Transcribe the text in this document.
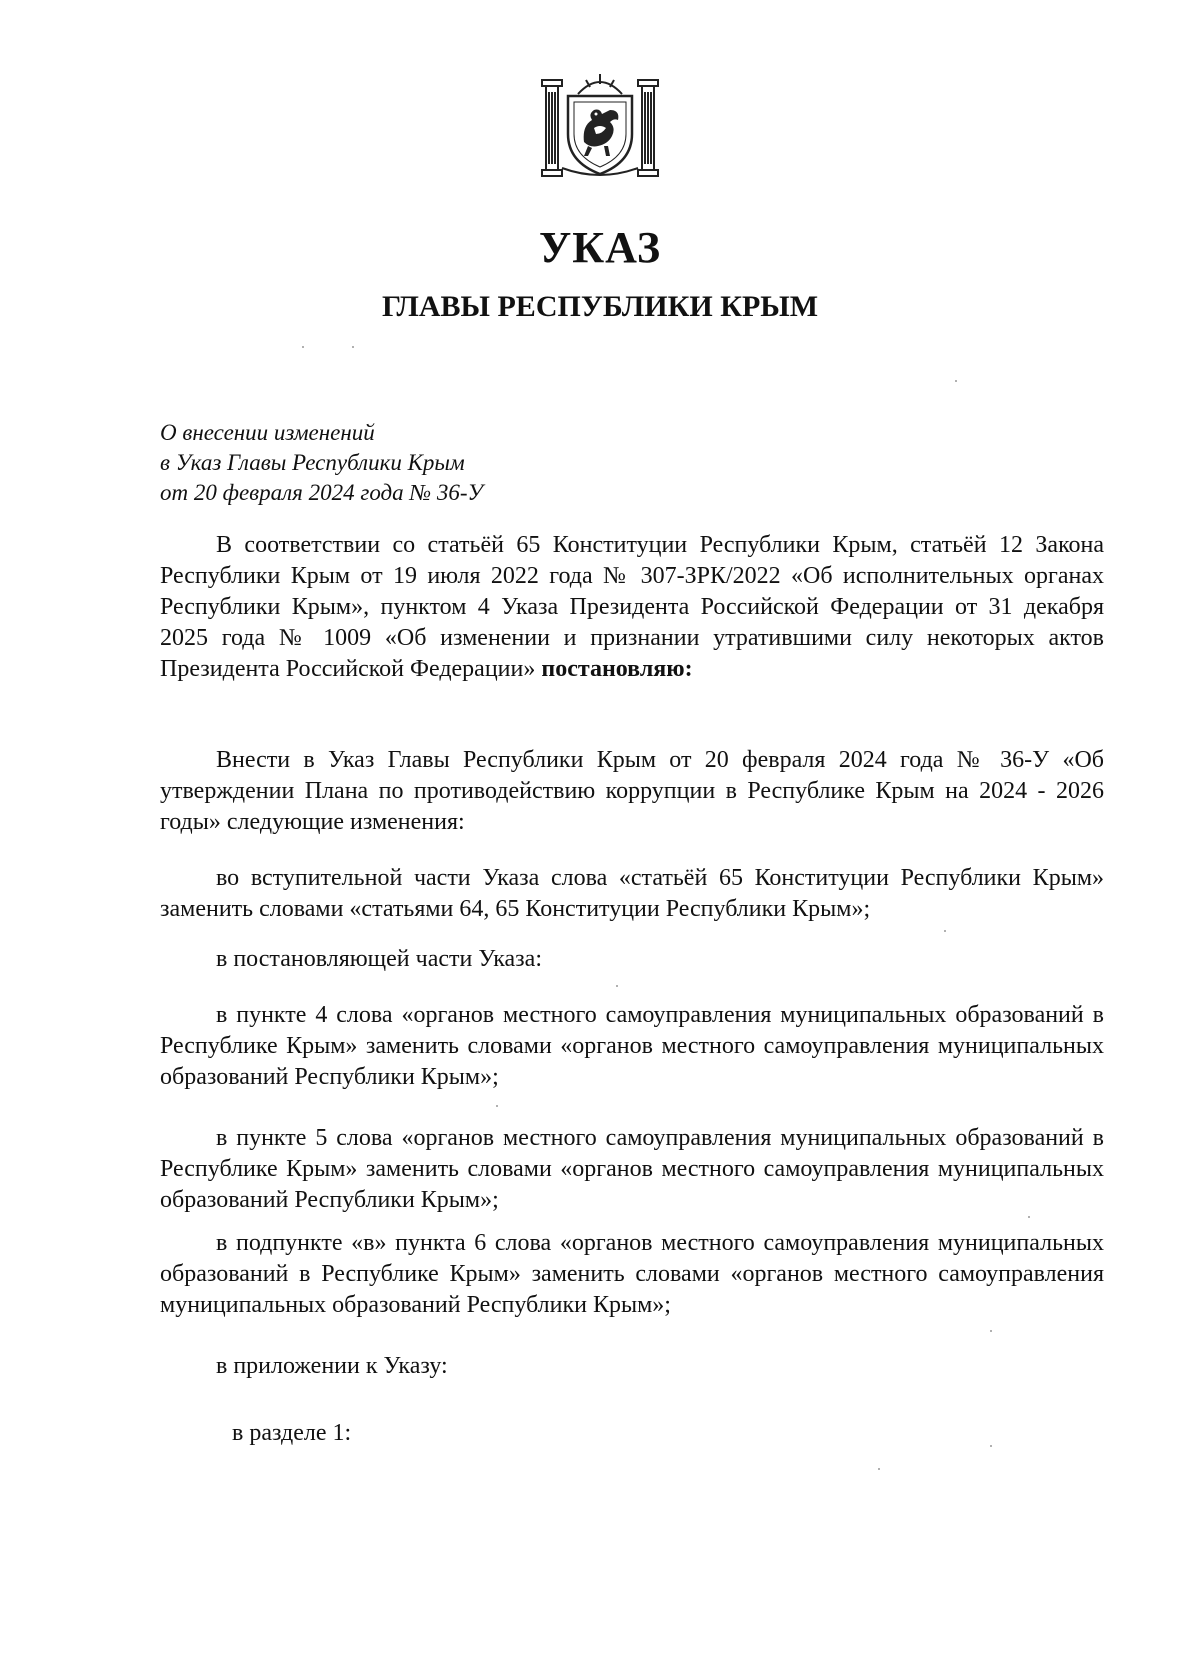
УКАЗ
ГЛАВЫ РЕСПУБЛИКИ КРЫМ
О внесении изменений
в Указ Главы Республики Крым
от 20 февраля 2024 года № 36-У
В соответствии со статьёй 65 Конституции Республики Крым, статьёй 12 Закона Республики Крым от 19 июля 2022 года № 307-ЗРК/2022 «Об исполнительных органах Республики Крым», пунктом 4 Указа Президента Российской Федерации от 31 декабря 2025 года № 1009 «Об изменении и признании утратившими силу некоторых актов Президента Российской Федерации» постановляю:
Внести в Указ Главы Республики Крым от 20 февраля 2024 года № 36-У «Об утверждении Плана по противодействию коррупции в Республике Крым на 2024 - 2026 годы» следующие изменения:
во вступительной части Указа слова «статьёй 65 Конституции Республики Крым» заменить словами «статьями 64, 65 Конституции Республики Крым»;
в постановляющей части Указа:
в пункте 4 слова «органов местного самоуправления муниципальных образований в Республике Крым» заменить словами «органов местного самоуправления муниципальных образований Республики Крым»;
в пункте 5 слова «органов местного самоуправления муниципальных образований в Республике Крым» заменить словами «органов местного самоуправления муниципальных образований Республики Крым»;
в подпункте «в» пункта 6 слова «органов местного самоуправления муниципальных образований в Республике Крым» заменить словами «органов местного самоуправления муниципальных образований Республики Крым»;
в приложении к Указу:
в разделе 1:
